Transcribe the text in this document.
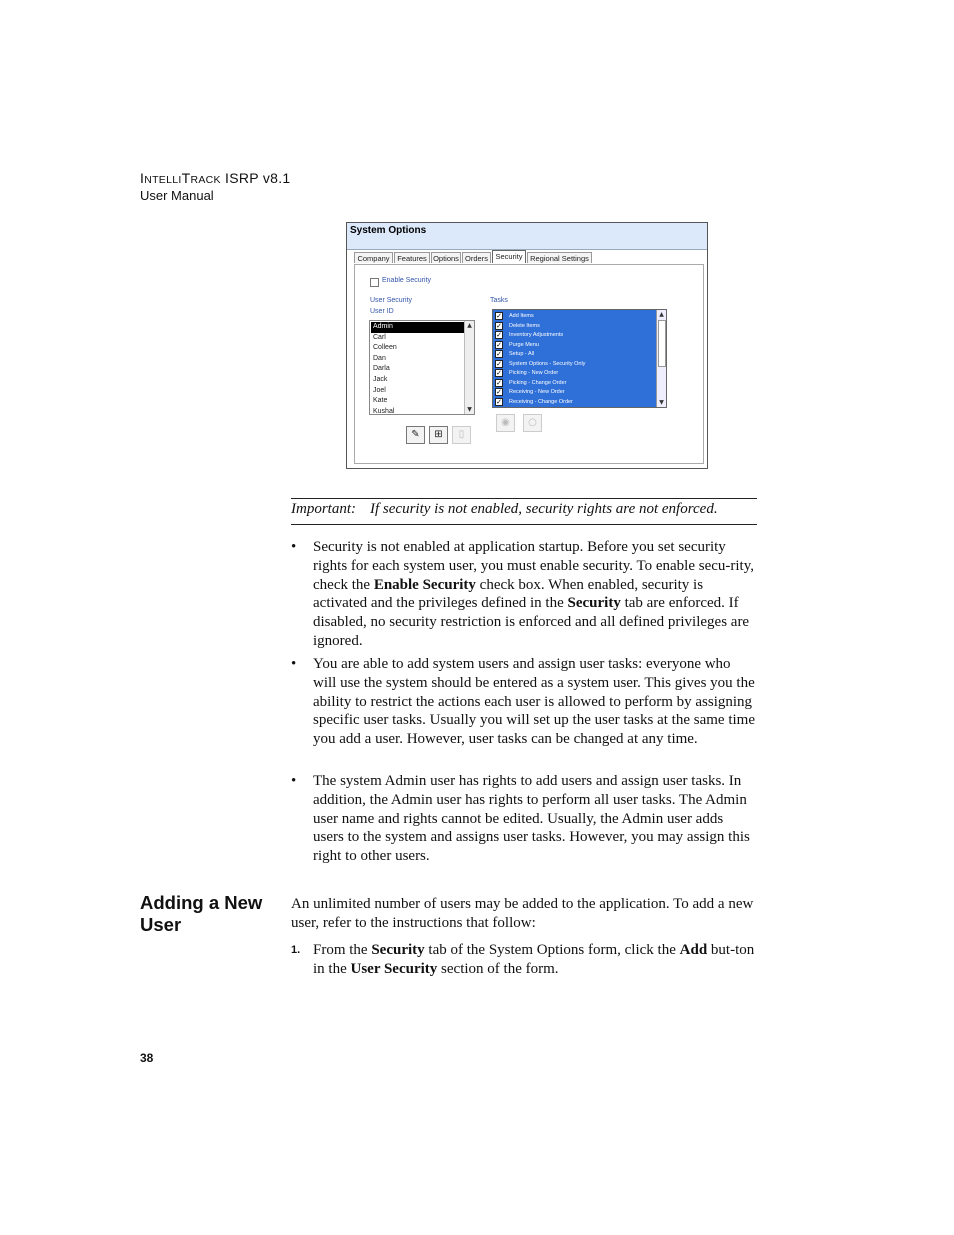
INTELLITRACK ISRP v8.1
User Manual
System Options
Company	Features Options Orders	Security	Regional Settings
Enable Security
User Security
User ID
Tasks
Admin
Carl
Colleen
Dan
Darla
Jack
Joel
Kate
Kushal
▲
▼
✓ Add Items
✓ Delete Items
✓ Inventory Adjustments
✓ Purge Menu
✓ Setup - All
✓ System Options - Security Only
✓ Picking - New Order
✓ Picking - Change Order
✓ Receiving - New Order
✓ Receiving - Change Order
▲
▼
✎	⊞	▯
◉	○
Important: If security is not enabled, security rights are not enforced.
•	Security is not enabled at application startup. Before you set security rights for each system user, you must enable security. To enable secu-rity, check the Enable Security check box. When enabled, security is activated and the privileges defined in the Security tab are enforced. If disabled, no security restriction is enforced and all defined privileges are ignored.
•	You are able to add system users and assign user tasks: everyone who will use the system should be entered as a system user. This gives you the ability to restrict the actions each user is allowed to perform by assigning specific user tasks. Usually you will set up the user tasks at the same time you add a user. However, user tasks can be changed at any time.
•	The system Admin user has rights to add users and assign user tasks. In addition, the Admin user has rights to perform all user tasks. The Admin user name and rights cannot be edited. Usually, the Admin user adds users to the system and assigns user tasks. However, you may assign this right to other users.
Adding a New User
An unlimited number of users may be added to the application. To add a new user, refer to the instructions that follow:
1. From the Security tab of the System Options form, click the Add but-ton in the User Security section of the form.
38
